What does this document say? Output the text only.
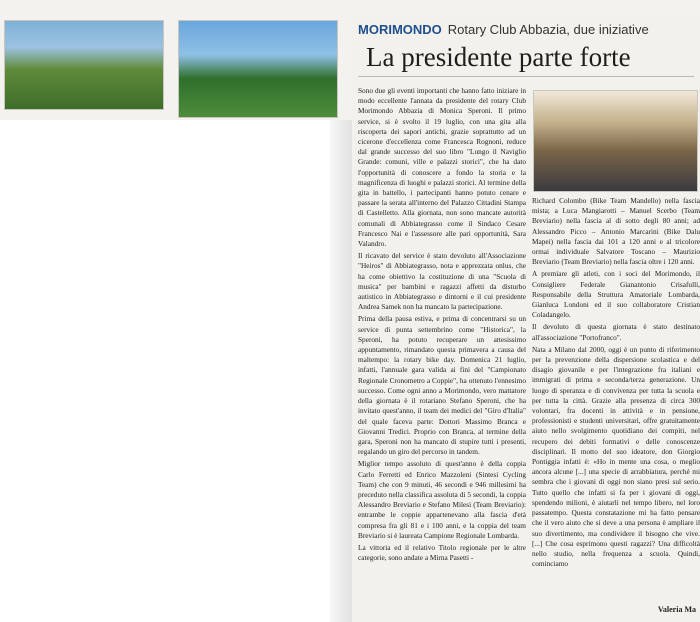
MORIMONDO Rotary Club Abbazia, due iniziative
La presidente parte forte

Sono due gli eventi importanti che hanno fatto iniziare in modo eccellente l'annata da presidente del rotary Club Morimondo Abbazia di Monica Speroni. Il primo service, si è svolto il 19 luglio, con una gita alla riscoperta dei sapori antichi, grazie soprattutto ad un cicerone d'eccellenza come Francesca Rognoni, reduce dal grande successo del suo libro "Lungo il Naviglio Grande: comuni, ville e palazzi storici", che ha dato l'opportunità di conoscere a fondo la storia e la magnificenza di luoghi e palazzi storici. Al termine della gita in battello, i partecipanti hanno potuto cenare e passare la serata all'interno del Palazzo Cittadini Stampa di Castelletto. Alla giornata, non sono mancate autorità comunali di Abbiategrasso come il Sindaco Cesare Francesco Nai e l'assessore alle pari opportunità, Sara Valandro.

Il ricavato del service è stato devoluto all'Associazione "Heiros" di Abbiategrasso, nota e apprezzata onlus, che ha come obiettivo la costituzione di una "Scuola di musica" per bambini e ragazzi affetti da disturbo autistico in Abbiategrasso e dintorni e il cui presidente Andrea Samek non ha mancato la partecipazione.

Prima della pausa estiva, e prima di concentrarsi su un service di punta settembrino come "Historica", la Speroni, ha potuto recuperare un attesissimo appuntamento, rimandato questa primavera a causa del maltempo: la rotary bike day. Domenica 21 luglio, infatti, l'annuale gara valida ai fini del "Campionato Regionale Cronometro a Coppie", ha ottenuto l'ennesimo successo. Come ogni anno a Morimondo, vero mattatore della giornata è il rotariano Stefano Speroni, che ha invitato quest'anno, il team dei medici del "Giro d'Italia" del quale faceva parte: Dottori Massimo Branca e Giovanni Tredici. Proprio con Branca, al termine della gara, Speroni non ha mancato di stupire tutti i presenti, regalando un giro del percorso in tandem.

Miglior tempo assoluto di quest'anno è della coppia Carlo Ferretti ed Enrico Mazzoleni (Sintesi Cycling Team) che con 9 minuti, 46 secondi e 946 millesimi ha preceduto nella classifica assoluta di 5 secondi, la coppia Alessandro Breviario e Stefano Milesi (Team Breviario): entrambe le coppie appartenevano alla fascia d'età compresa fra gli 81 e i 100 anni, e la coppia del team Breviario si è laureata Campione Regionale Lombarda.

La vittoria ed il relativo Titolo regionale per le altre categorie, sono andate a Mirna Pasetti -

Richard Colombo (Bike Team Mandello) nella fascia mista; a Luca Mangiarotti – Manuel Scerbo (Team Breviario) nella fascia al di sotto degli 80 anni; ad Alessandro Picco – Antonio Marcarini (Bike Dalu Mapei) nella fascia dai 101 a 120 anni e al tricolore ormai individuale Salvatore Toscano – Maurizio Breviario (Team Breviario) nella fascia oltre i 120 anni.

A premiare gli atleti, con i soci del Morimondo, il Consigliere Federale Gianantonio Crisafulli, Responsabile della Struttura Amatoriale Lombarda, Gianluca Londoni ed il suo collaboratore Cristian Coladangelo.

Il devoluto di questa giornata è stato destinato all'associazione "Portofranco".

Nata a Milano dal 2000, oggi è un punto di riferimento per la prevenzione della dispersione scolastica e del disagio giovanile e per l'integrazione fra italiani e immigrati di prima e seconda/terza generazione. Un luogo di speranza e di convivenza per tutta la scuola e per tutta la città. Grazie alla presenza di circa 300 volontari, fra docenti in attività e in pensione, professionisti e studenti universitari, offre gratuitamente aiuto nello svolgimento quotidiano dei compiti, nel recupero dei debiti formativi e delle conoscenze disciplinari. Il motto del suo ideatore, don Giorgio Pontiggia infatti è: «Ho in mente una cosa, o meglio ancora alcune [...] una specie di arrabbiatura, perché mi sembra che i giovani di oggi non siano presi sul serio. Tutto quello che infatti si fa per i giovani di oggi, spendendo milioni, è aiutarli nel tempo libero, nel loro passatempo. Questa constatazione mi ha fatto pensare che il vero aiuto che si deve a una persona è ampliare il suo divertimento, ma condividere il bisogno che vive. [...] Che cosa esprimono questi ragazzi? Una difficoltà nello studio, nella frequenza a scuola. Quindi, cominciamo

Valeria Ma
